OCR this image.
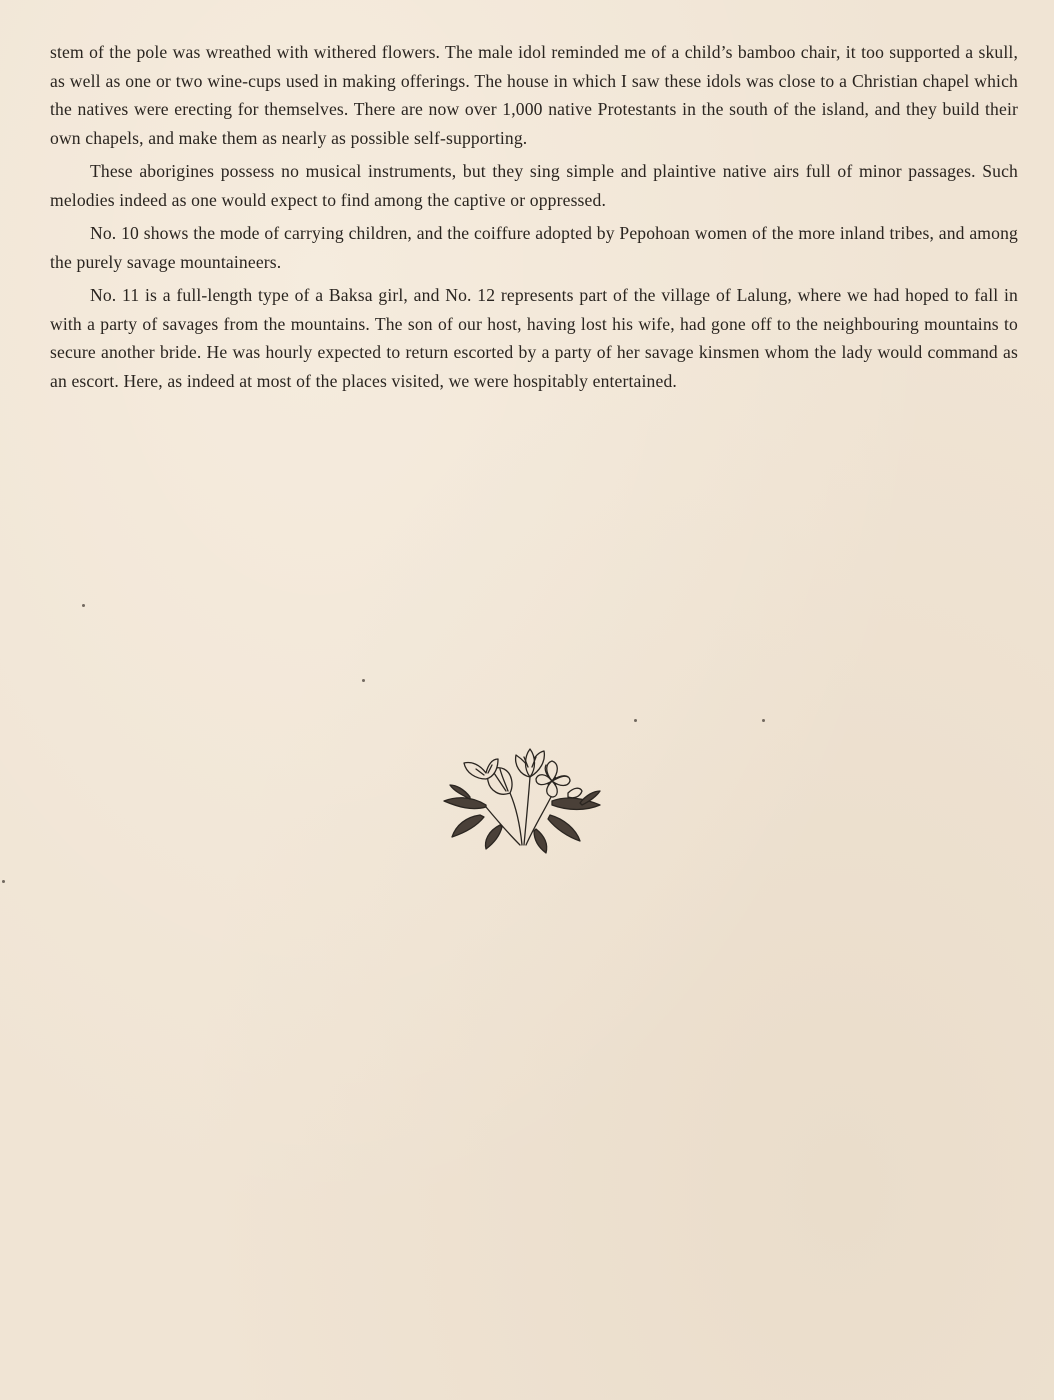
stem of the pole was wreathed with withered flowers. The male idol reminded me of a child’s bamboo chair, it too supported a skull, as well as one or two wine-cups used in making offerings. The house in which I saw these idols was close to a Christian chapel which the natives were erecting for themselves. There are now over 1,000 native Protestants in the south of the island, and they build their own chapels, and make them as nearly as possible self-supporting.

These aborigines possess no musical instruments, but they sing simple and plaintive native airs full of minor passages. Such melodies indeed as one would expect to find among the captive or oppressed.

No. 10 shows the mode of carrying children, and the coiffure adopted by Pepohoan women of the more inland tribes, and among the purely savage mountaineers.

No. 11 is a full-length type of a Baksa girl, and No. 12 represents part of the village of Lalung, where we had hoped to fall in with a party of savages from the mountains. The son of our host, having lost his wife, had gone off to the neighbouring mountains to secure another bride. He was hourly expected to return escorted by a party of her savage kinsmen whom the lady would command as an escort. Here, as indeed at most of the places visited, we were hospitably entertained.
